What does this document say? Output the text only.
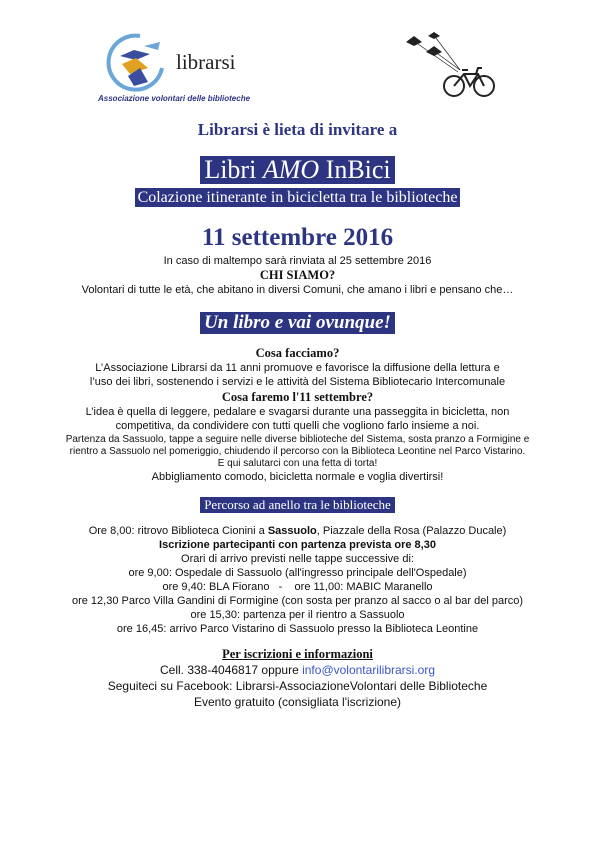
librarsi
Associazione volontari delle biblioteche
Librarsi è lieta di invitare a
Libri AMO InBici
Colazione itinerante in bicicletta tra le biblioteche
11 settembre 2016
In caso di maltempo sarà rinviata al 25 settembre 2016
CHI SIAMO?
Volontari di tutte le età, che abitano in diversi Comuni, che amano i libri e pensano che…
Un libro e vai ovunque!
Cosa facciamo?
L’Associazione Librarsi da 11 anni promuove e favorisce la diffusione della lettura e
l’uso dei libri, sostenendo i servizi e le attività del Sistema Bibliotecario Intercomunale
Cosa faremo l'11 settembre?
L’idea è quella di leggere, pedalare e svagarsi durante una passeggita in bicicletta, non
competitiva, da condividere con tutti quelli che vogliono farlo insieme a noi.
Partenza da Sassuolo, tappe a seguire nelle diverse biblioteche del Sistema, sosta pranzo a Formigine e
rientro a Sassuolo nel pomeriggio, chiudendo il percorso con la Biblioteca Leontine nel Parco Vistarino.
E qui salutarci con una fetta di torta!
Abbigliamento comodo, bicicletta normale e voglia divertirsi!
Percorso ad anello tra le biblioteche
Ore 8,00: ritrovo Biblioteca Cionini a Sassuolo, Piazzale della Rosa (Palazzo Ducale)
Iscrizione partecipanti con partenza prevista ore 8,30
Orari di arrivo previsti nelle tappe successive di:
ore 9,00: Ospedale di Sassuolo (all'ingresso principale dell'Ospedale)
ore 9,40: BLA Fiorano   -    ore 11,00: MABIC Maranello
ore 12,30 Parco Villa Gandini di Formigine (con sosta per pranzo al sacco o al bar del parco)
ore 15,30: partenza per il rientro a Sassuolo
ore 16,45: arrivo Parco Vistarino di Sassuolo presso la Biblioteca Leontine
Per iscrizioni e informazioni
Cell. 338-4046817 oppure info@volontarilibrarsi.org
Seguiteci su Facebook: Librarsi-AssociazioneVolontari delle Biblioteche
Evento gratuito (consigliata l'iscrizione)
